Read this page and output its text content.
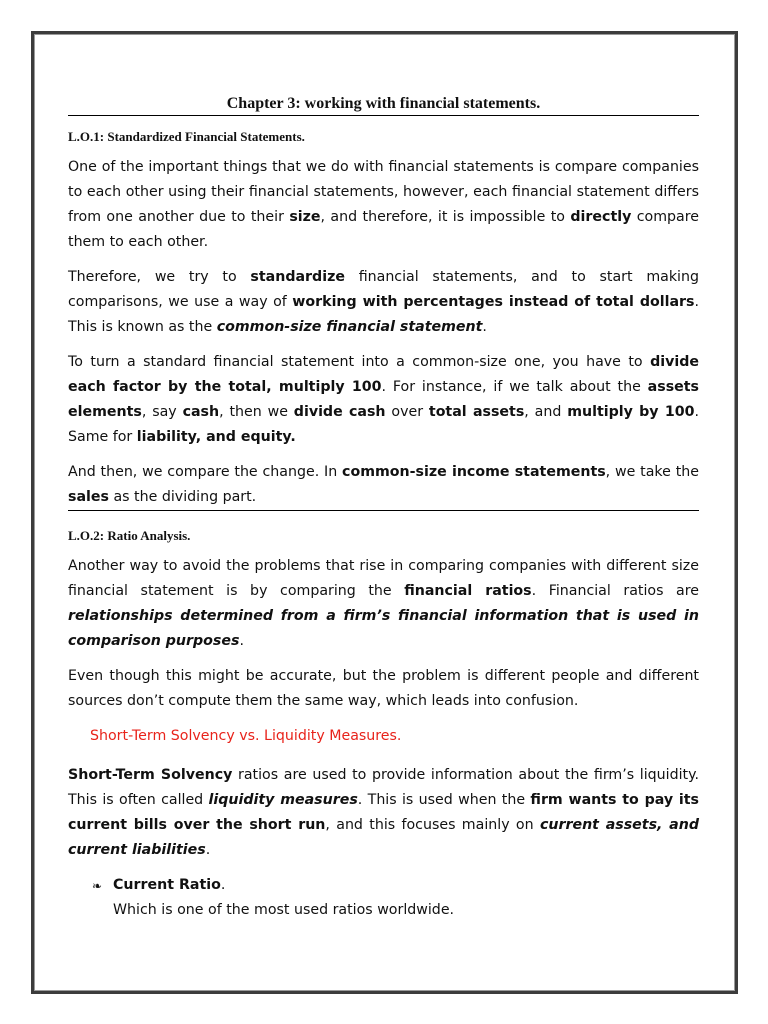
Chapter 3: working with financial statements.

L.O.1: Standardized Financial Statements.

One of the important things that we do with financial statements is compare companies to each other using their financial statements, however, each financial statement differs from one another due to their size, and therefore, it is impossible to directly compare them to each other.

Therefore, we try to standardize financial statements, and to start making comparisons, we use a way of working with percentages instead of total dollars. This is known as the common-size financial statement.

To turn a standard financial statement into a common-size one, you have to divide each factor by the total, multiply 100. For instance, if we talk about the assets elements, say cash, then we divide cash over total assets, and multiply by 100. Same for liability, and equity.

And then, we compare the change. In common-size income statements, we take the sales as the dividing part.

L.O.2: Ratio Analysis.

Another way to avoid the problems that rise in comparing companies with different size financial statement is by comparing the financial ratios. Financial ratios are relationships determined from a firm’s financial information that is used in comparison purposes.

Even though this might be accurate, but the problem is different people and different sources don’t compute them the same way, which leads into confusion.

Short-Term Solvency vs. Liquidity Measures.

Short-Term Solvency ratios are used to provide information about the firm’s liquidity. This is often called liquidity measures. This is used when the firm wants to pay its current bills over the short run, and this focuses mainly on current assets, and current liabilities.

❧ Current Ratio.
Which is one of the most used ratios worldwide.
